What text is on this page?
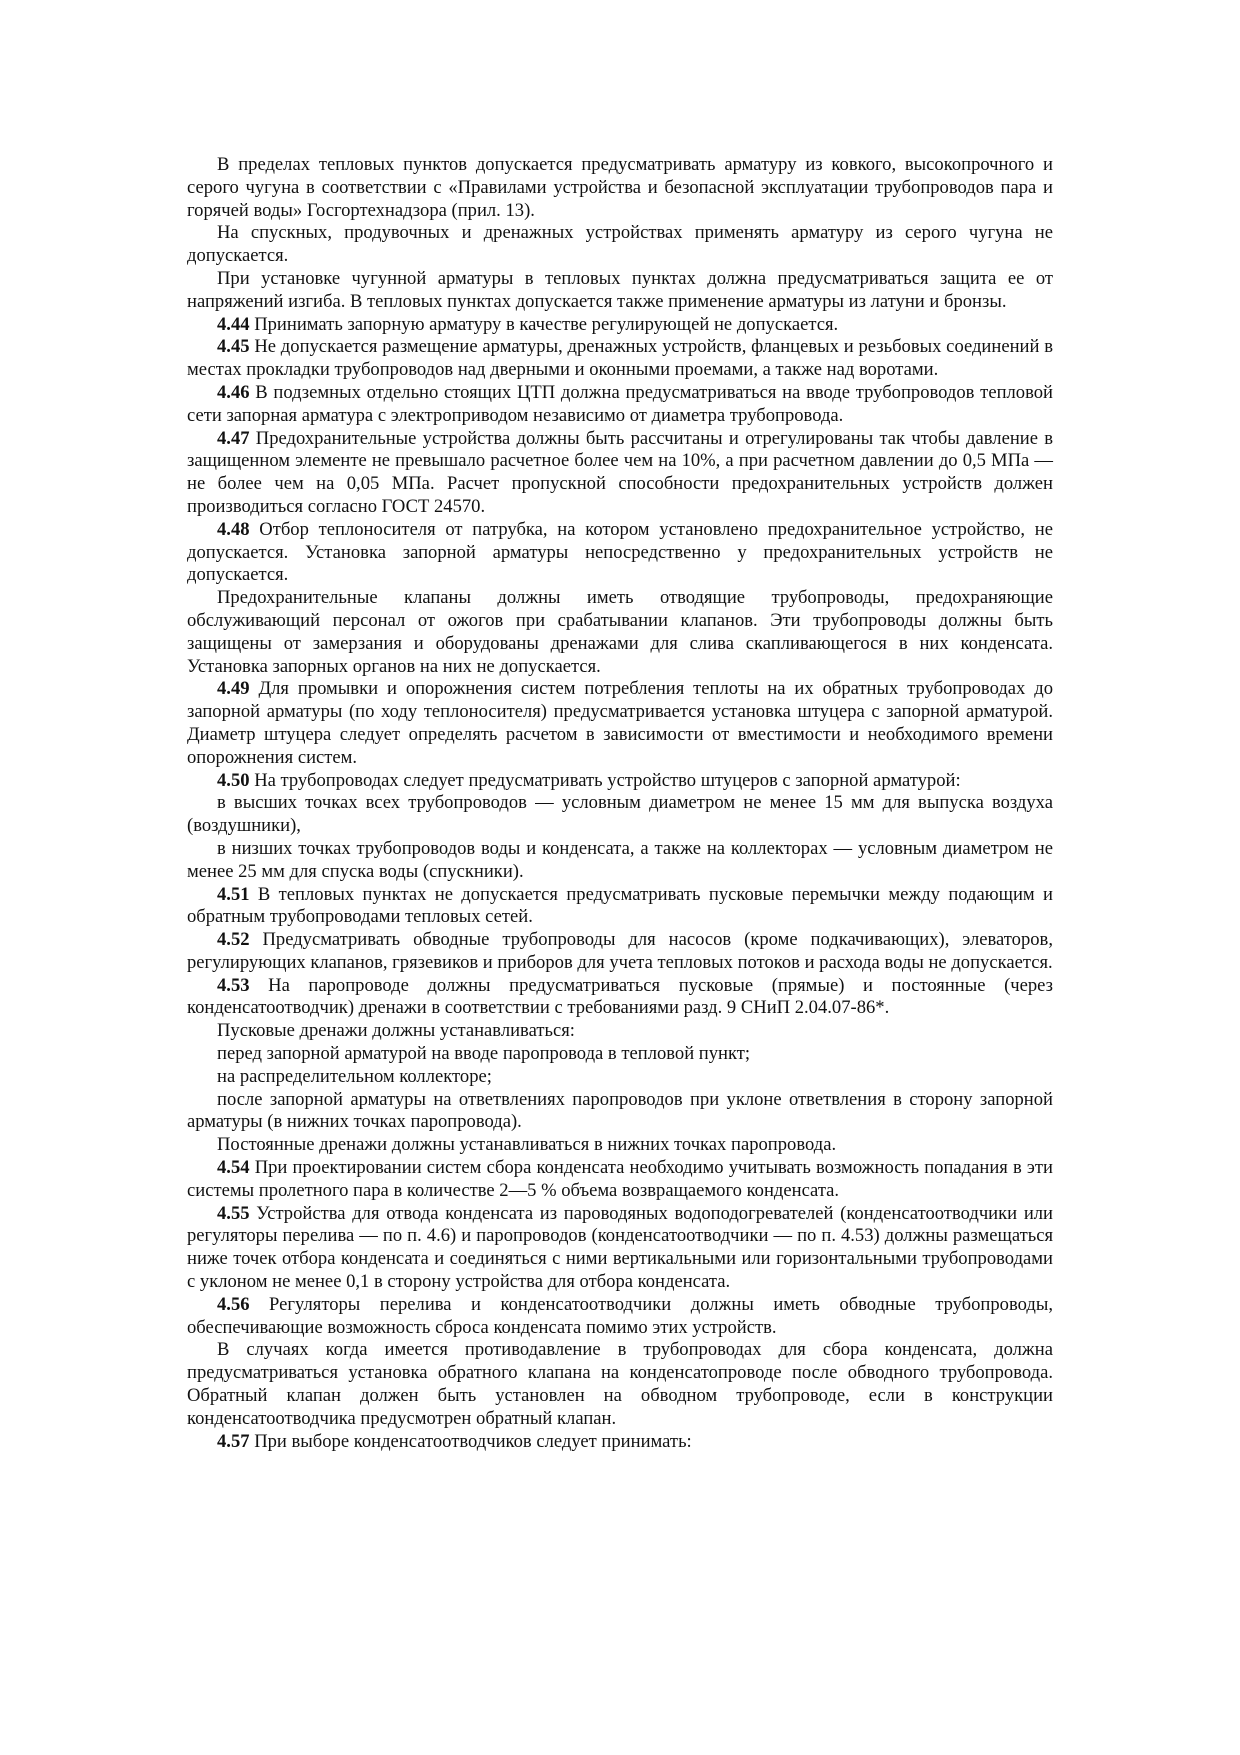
В пределах тепловых пунктов допускается предусматривать арматуру из ковкого, высокопрочного и серого чугуна в соответствии с «Правилами устройства и безопасной эксплуатации трубопроводов пара и горячей воды» Госгортехнадзора (прил. 13).

На спускных, продувочных и дренажных устройствах применять арматуру из серого чугуна не допускается.

При установке чугунной арматуры в тепловых пунктах должна предусматриваться защита ее от напряжений изгиба. В тепловых пунктах допускается также применение арматуры из латуни и бронзы.

4.44 Принимать запорную арматуру в качестве регулирующей не допускается.

4.45 Не допускается размещение арматуры, дренажных устройств, фланцевых и резьбовых соединений в местах прокладки трубопроводов над дверными и оконными проемами, а также над воротами.

4.46 В подземных отдельно стоящих ЦТП должна предусматриваться на вводе трубопроводов тепловой сети запорная арматура с электроприводом независимо от диаметра трубопровода.

4.47 Предохранительные устройства должны быть рассчитаны и отрегулированы так чтобы давление в защищенном элементе не превышало расчетное более чем на 10%, а при расчетном давлении до 0,5 МПа — не более чем на 0,05 МПа. Расчет пропускной способности предохранительных устройств должен производиться согласно ГОСТ 24570.

4.48 Отбор теплоносителя от патрубка, на котором установлено предохранительное устройство, не допускается. Установка запорной арматуры непосредственно у предохранительных устройств не допускается.

Предохранительные клапаны должны иметь отводящие трубопроводы, предохраняющие обслуживающий персонал от ожогов при срабатывании клапанов. Эти трубопроводы должны быть защищены от замерзания и оборудованы дренажами для слива скапливающегося в них конденсата. Установка запорных органов на них не допускается.

4.49 Для промывки и опорожнения систем потребления теплоты на их обратных трубопроводах до запорной арматуры (по ходу теплоносителя) предусматривается установка штуцера с запорной арматурой. Диаметр штуцера следует определять расчетом в зависимости от вместимости и необходимого времени опорожнения систем.

4.50 На трубопроводах следует предусматривать устройство штуцеров с запорной арматурой:

в высших точках всех трубопроводов — условным диаметром не менее 15 мм для выпуска воздуха (воздушники),

в низших точках трубопроводов воды и конденсата, а также на коллекторах — условным диаметром не менее 25 мм для спуска воды (спускники).

4.51 В тепловых пунктах не допускается предусматривать пусковые перемычки между подающим и обратным трубопроводами тепловых сетей.

4.52 Предусматривать обводные трубопроводы для насосов (кроме подкачивающих), элеваторов, регулирующих клапанов, грязевиков и приборов для учета тепловых потоков и расхода воды не допускается.

4.53 На паропроводе должны предусматриваться пусковые (прямые) и постоянные (через конденсатоотводчик) дренажи в соответствии с требованиями разд. 9 СНиП 2.04.07-86*.

Пусковые дренажи должны устанавливаться:

перед запорной арматурой на вводе паропровода в тепловой пункт;

на распределительном коллекторе;

после запорной арматуры на ответвлениях паропроводов при уклоне ответвления в сторону запорной арматуры (в нижних точках паропровода).

Постоянные дренажи должны устанавливаться в нижних точках паропровода.

4.54 При проектировании систем сбора конденсата необходимо учитывать возможность попадания в эти системы пролетного пара в количестве 2—5 % объема возвращаемого конденсата.

4.55 Устройства для отвода конденсата из пароводяных водоподогревателей (конденсатоотводчики или регуляторы перелива — по п. 4.6) и паропроводов (конденсатоотводчики — по п. 4.53) должны размещаться ниже точек отбора конденсата и соединяться с ними вертикальными или горизонтальными трубопроводами с уклоном не менее 0,1 в сторону устройства для отбора конденсата.

4.56 Регуляторы перелива и конденсатоотводчики должны иметь обводные трубопроводы, обеспечивающие возможность сброса конденсата помимо этих устройств.

В случаях когда имеется противодавление в трубопроводах для сбора конденсата, должна предусматриваться установка обратного клапана на конденсатопроводе после обводного трубопровода. Обратный клапан должен быть установлен на обводном трубопроводе, если в конструкции конденсатоотводчика предусмотрен обратный клапан.

4.57 При выборе конденсатоотводчиков следует принимать:
